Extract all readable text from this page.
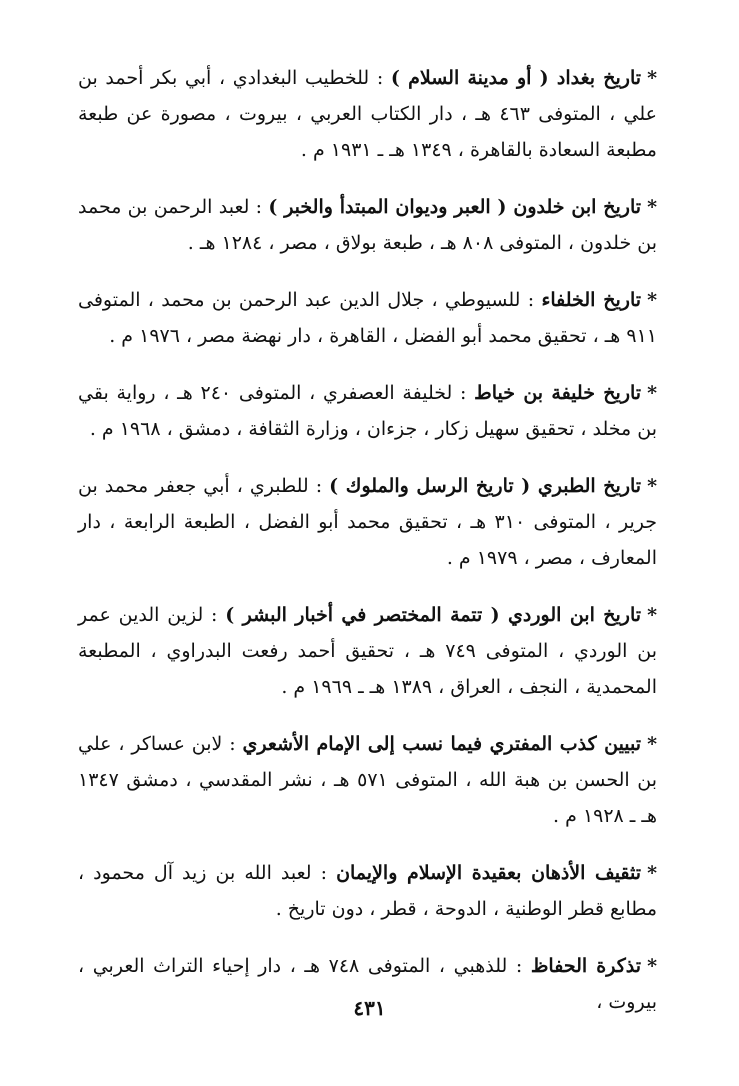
*تاريخ بغداد ( أو مدينة السلام ) : للخطيب البغدادي ، أبي بكر أحمد بن علي ، المتوفى ٤٦٣ هـ ، دار الكتاب العربي ، بيروت ، مصورة عن طبعة مطبعة السعادة بالقاهرة ، ١٣٤٩ هـ ـ ١٩٣١ م .

*تاريخ ابن خلدون ( العبر وديوان المبتدأ والخبر ) : لعبد الرحمن بن محمد بن خلدون ، المتوفى ٨٠٨ هـ ، طبعة بولاق ، مصر ، ١٢٨٤ هـ .

*تاريخ الخلفاء : للسيوطي ، جلال الدين عبد الرحمن بن محمد ، المتوفى ٩١١ هـ ، تحقيق محمد أبو الفضل ، القاهرة ، دار نهضة مصر ، ١٩٧٦ م .

*تاريخ خليفة بن خياط : لخليفة العصفري ، المتوفى ٢٤٠ هـ ، رواية بقي بن مخلد ، تحقيق سهيل زكار ، جزءان ، وزارة الثقافة ، دمشق ، ١٩٦٨ م .

*تاريخ الطبري ( تاريخ الرسل والملوك ) : للطبري ، أبي جعفر محمد بن جرير ، المتوفى ٣١٠ هـ ، تحقيق محمد أبو الفضل ، الطبعة الرابعة ، دار المعارف ، مصر ، ١٩٧٩ م .

*تاريخ ابن الوردي ( تتمة المختصر في أخبار البشر ) : لزين الدين عمر بن الوردي ، المتوفى ٧٤٩ هـ ، تحقيق أحمد رفعت البدراوي ، المطبعة المحمدية ، النجف ، العراق ، ١٣٨٩ هـ ـ ١٩٦٩ م .

*تبيين كذب المفتري فيما نسب إلى الإمام الأشعري : لابن عساكر ، علي بن الحسن بن هبة الله ، المتوفى ٥٧١ هـ ، نشر المقدسي ، دمشق ١٣٤٧ هـ ـ ١٩٢٨ م .

*تثقيف الأذهان بعقيدة الإسلام والإيمان : لعبد الله بن زيد آل محمود ، مطابع قطر الوطنية ، الدوحة ، قطر ، دون تاريخ .

*تذكرة الحفاظ : للذهبي ، المتوفى ٧٤٨ هـ ، دار إحياء التراث العربي ، بيروت ،

٤٣١
